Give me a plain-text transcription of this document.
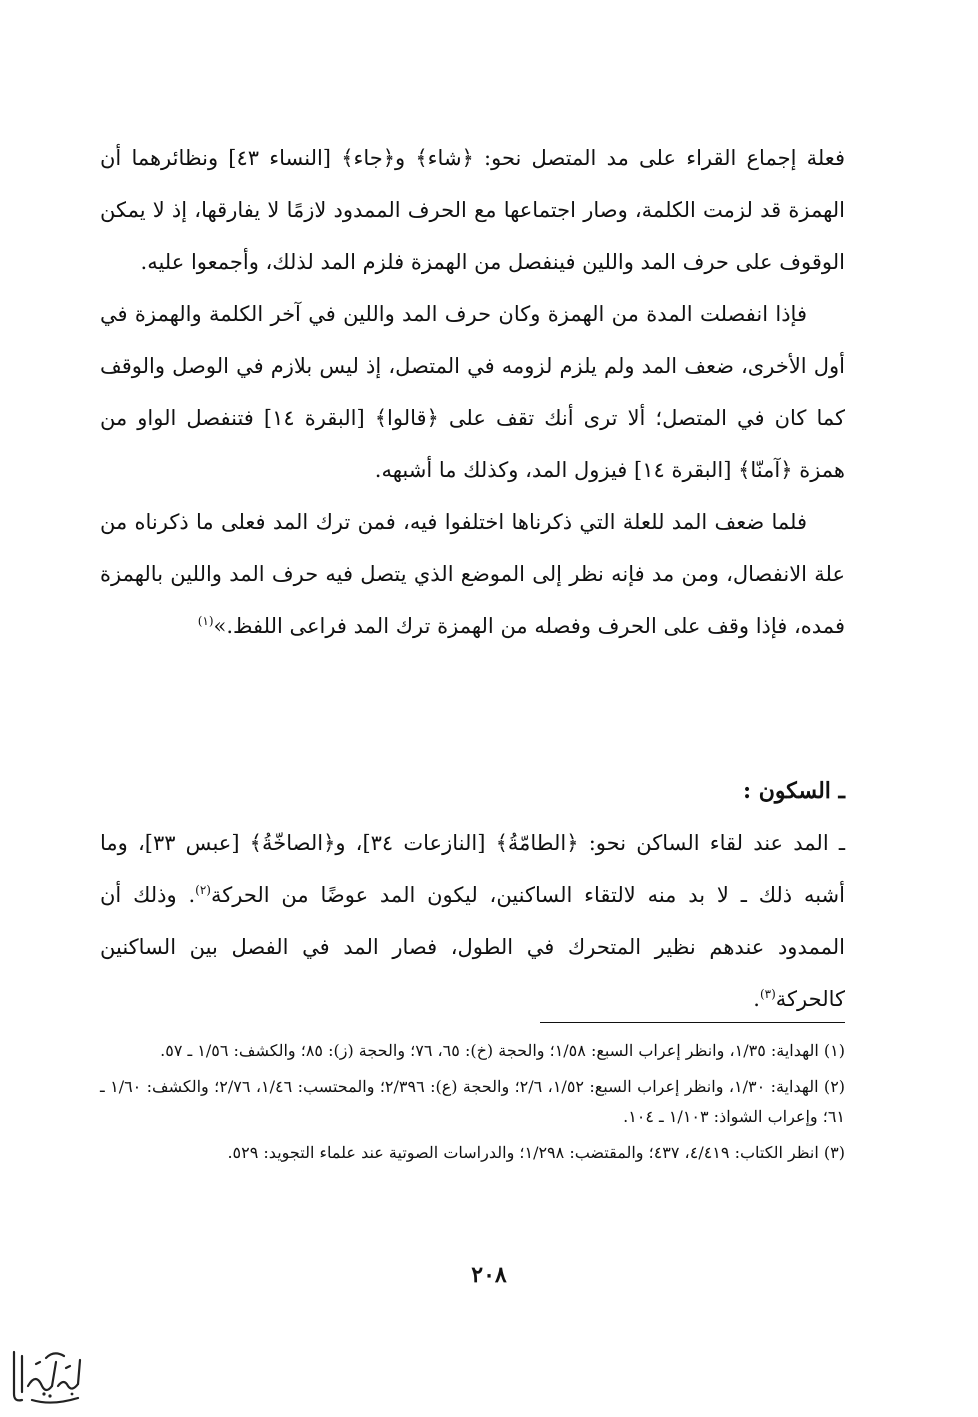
فعلة إجماع القراء على مد المتصل نحو: ﴿شاء﴾ و﴿جاء﴾ [النساء ٤٣] ونظائرهما أن الهمزة قد لزمت الكلمة، وصار اجتماعها مع الحرف الممدود لازمًا لا يفارقها، إذ لا يمكن الوقوف على حرف المد واللين فينفصل من الهمزة فلزم المد لذلك، وأجمعوا عليه.

فإذا انفصلت المدة من الهمزة وكان حرف المد واللين في آخر الكلمة والهمزة في أول الأخرى، ضعف المد ولم يلزم لزومه في المتصل، إذ ليس بلازم في الوصل والوقف كما كان في المتصل؛ ألا ترى أنك تقف على ﴿قالوا﴾ [البقرة ١٤] فتنفصل الواو من همزة ﴿آمنّا﴾ [البقرة ١٤] فيزول المد، وكذلك ما أشبهه.

فلما ضعف المد للعلة التي ذكرناها اختلفوا فيه، فمن ترك المد فعلى ما ذكرناه من علة الانفصال، ومن مد فإنه نظر إلى الموضع الذي يتصل فيه حرف المد واللين بالهمزة فمده، فإذا وقف على الحرف وفصله من الهمزة ترك المد فراعى اللفظ.»$^{(١)}$

ـ السكون :

ـ المد عند لقاء الساكن نحو: ﴿الطامّةُ﴾ [النازعات ٣٤]، و﴿الصاخّةُ﴾ [عبس ٣٣]، وما أشبه ذلك ـ لا بد منه لالتقاء الساكنين، ليكون المد عوضًا من الحركة$^{(٢)}$. وذلك أن الممدود عندهم نظير المتحرك في الطول، فصار المد في الفصل بين الساكنين كالحركة$^{(٣)}$.

(١) الهداية: ١/٣٥، وانظر إعراب السبع: ١/٥٨؛ والحجة (خ): ٦٥، ٧٦؛ والحجة (ز): ٨٥؛ والكشف: ١/٥٦ ـ ٥٧.

(٢) الهداية: ١/٣٠، وانظر إعراب السبع: ١/٥٢، ٢/٦؛ والحجة (ع): ٢/٣٩٦؛ والمحتسب: ١/٤٦، ٢/٧٦؛ والكشف: ١/٦٠ ـ ٦١؛ وإعراب الشواذ: ١/١٠٣ ـ ١٠٤.

(٣) انظر الكتاب: ٤/٤١٩، ٤٣٧؛ والمقتضب: ١/٢٩٨؛ والدراسات الصوتية عند علماء التجويد: ٥٢٩.

٢٠٨
